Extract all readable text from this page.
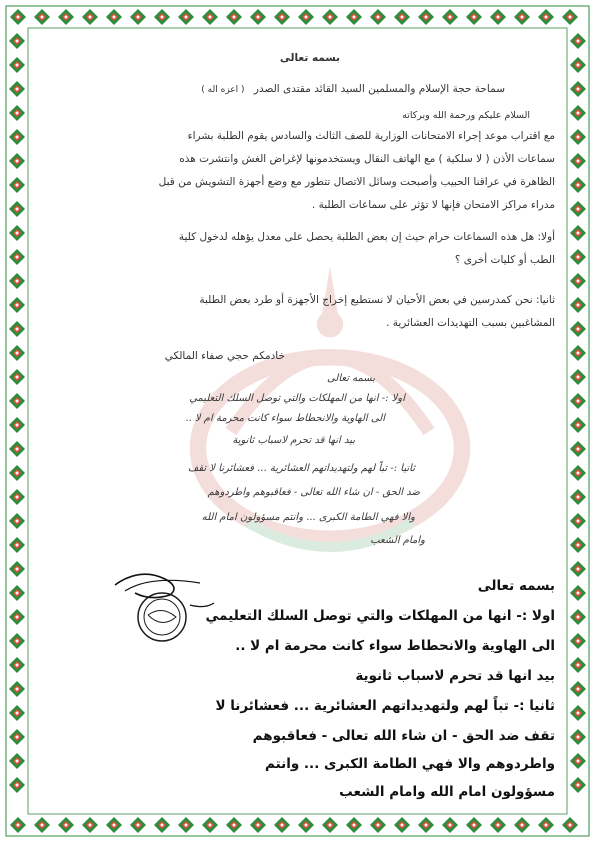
بسمه تعالى
سماحة حجة الإسلام والمسلمين السيد القائد مقتدى الصدر ( اعزه اله )
السلام عليكم ورحمة الله وبركاته
مع اقتراب موعد إجراء الامتحانات الوزارية للصف الثالث والسادس يقوم الطلبة بشراء
سماعات الأذن ( لا سلكية ) مع الهاتف النقال ويستخدمونها لإغراض الغش وانتشرت هذه
الظاهرة في عراقنا الحبيب وأصبحت وسائل الاتصال تتطور مع وضع أجهزة التشويش من قبل
مدراء مراكز الامتحان فإنها لا تؤثر على سماعات الطلبة .
أولا: هل هذه السماعات حرام حيث إن بعض الطلبة يحصل على معدل يؤهله لدخول كلية
الطب أو كليات أخرى ؟
ثانيا: نحن كمدرسين في بعض الأحيان لا نستطيع إخراج الأجهزة أو طرد بعض الطلبة
المشاغبين بسبب التهديدات العشائرية .
خادمكم حجي صفاء المالكي
بسمه تعالى
اولا :- انها من المهلكات والتي توصل السلك التعليمي
الى الهاوية والانحطاط سواء كانت محرمة ام لا ..
بيد انها قد تحرم لاسباب ثانوية
ثانيا :- تباً لهم ولتهديداتهم العشائرية ... فعشائرنا لا تقف
ضد الحق - ان شاء الله تعالى - فعاقبوهم واطردوهم
والا فهي الطامة الكبرى ... وانتم مسؤولون امام الله
وامام الشعب
بسمه تعالى
اولا :- انها من المهلكات والتي توصل السلك التعليمي
الى الهاوية والانحطاط سواء كانت محرمة ام لا ..
بيد انها قد تحرم لاسباب ثانوية
ثانيا :- تباً لهم ولتهديداتهم العشائرية ... فعشائرنا لا
تقف ضد الحق - ان شاء الله تعالى - فعاقبوهم
واطردوهم والا فهي الطامة الكبرى ... وانتم
مسؤولون امام الله وامام الشعب
